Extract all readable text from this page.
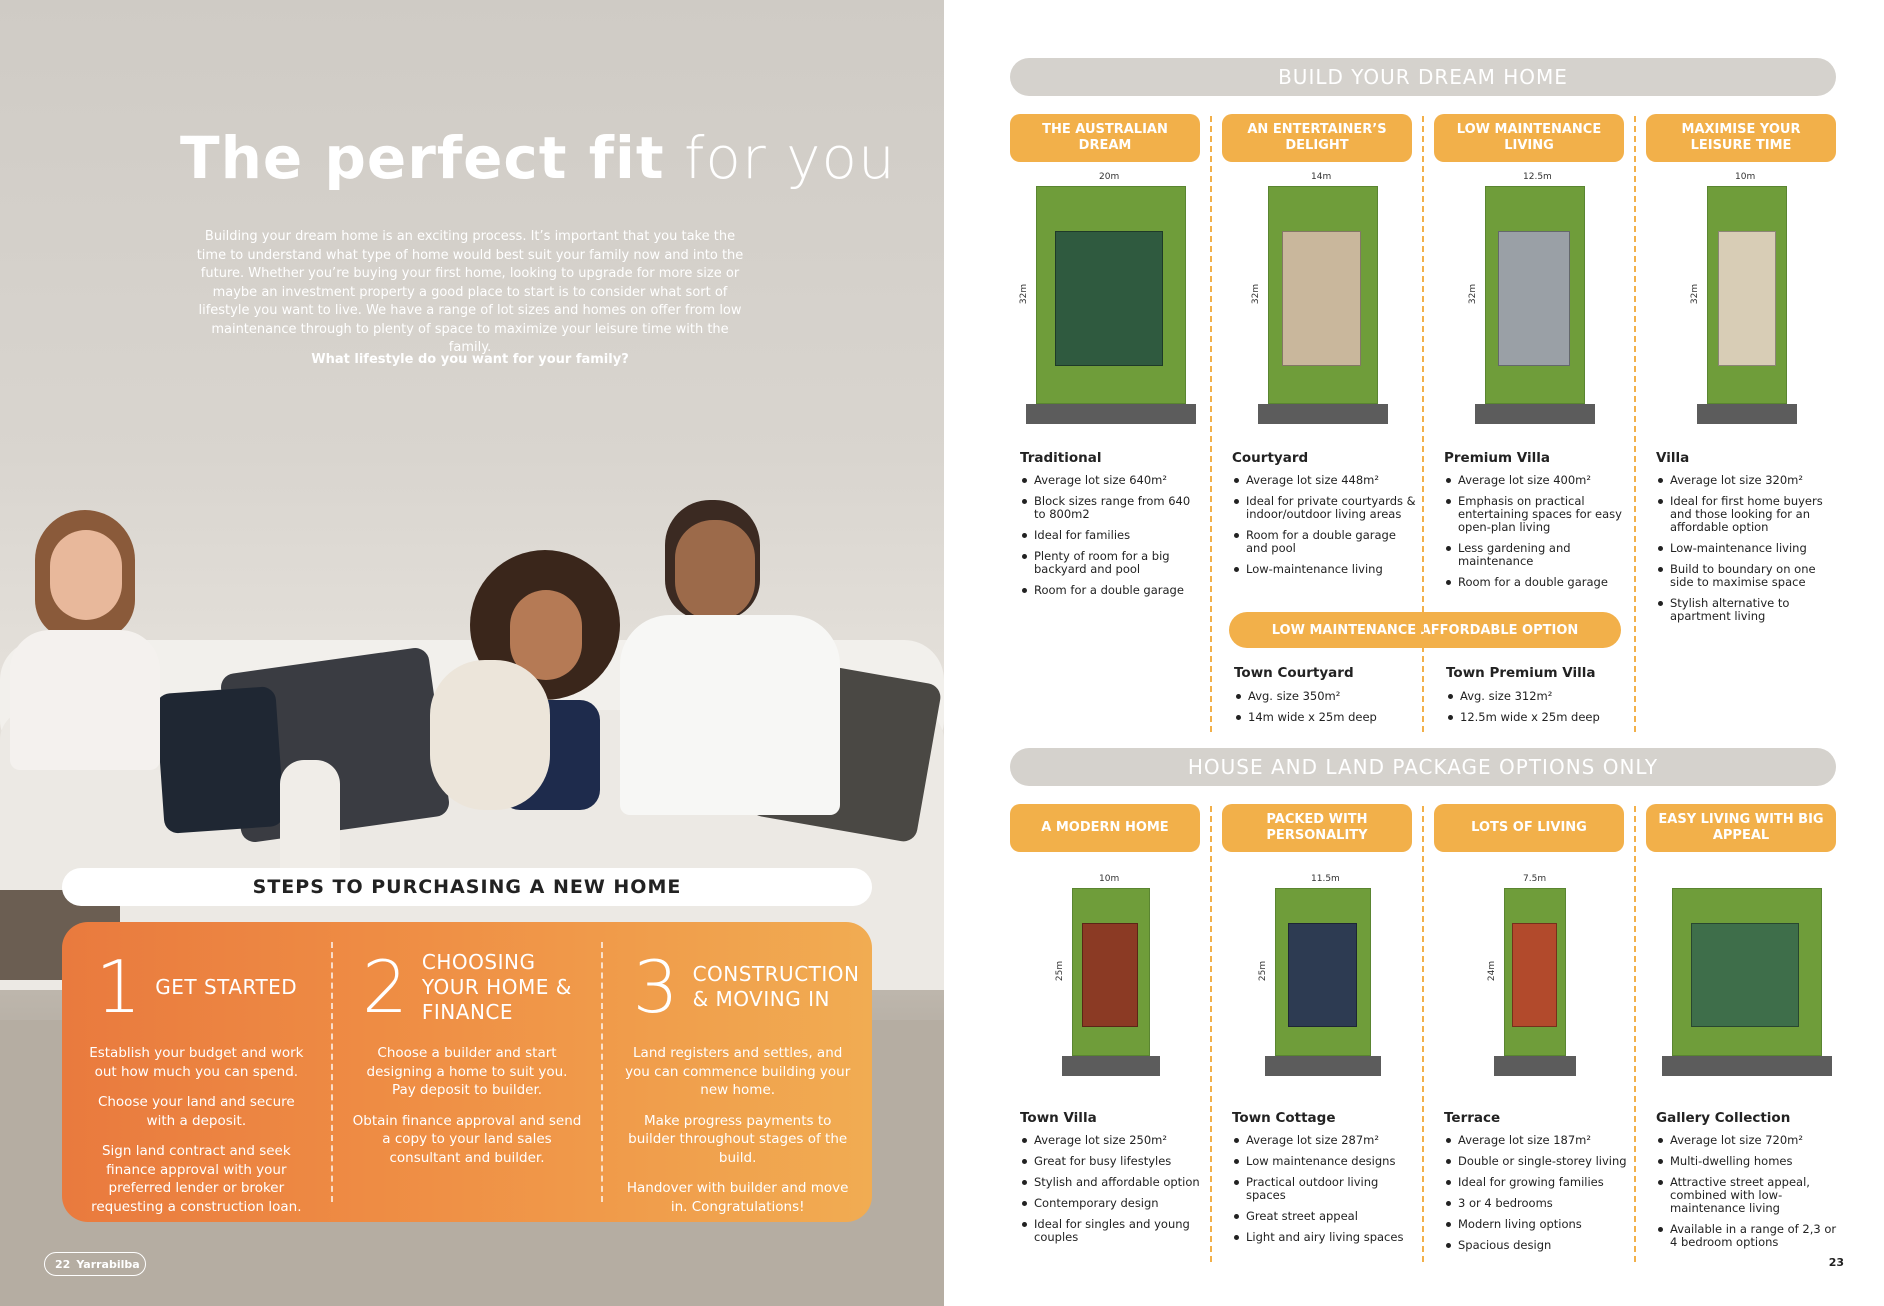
The perfect fit for you
Building your dream home is an exciting process. It’s important that you take the time to understand what type of home would best suit your family now and into the future. Whether you’re buying your first home, looking to upgrade for more size or maybe an investment property a good place to start is to consider what sort of lifestyle you want to live. We have a range of lot sizes and homes on offer from low maintenance through to plenty of space to maximize your leisure time with the family.
What lifestyle do you want for your family?
STEPS TO PURCHASING A NEW HOME
1 GET STARTED

Establish your budget and work out how much you can spend.

Choose your land and secure with a deposit.

Sign land contract and seek finance approval with your preferred lender or broker requesting a construction loan.

2 CHOOSING YOUR HOME & FINANCE

Choose a builder and start designing a home to suit you. Pay deposit to builder.

Obtain finance approval and send a copy to your land sales consultant and builder.

3 CONSTRUCTION & MOVING IN

Land registers and settles, and you can commence building your new home.

Make progress payments to builder throughout stages of the build.

Handover with builder and move in. Congratulations!

22 Yarrabilba
BUILD YOUR DREAM HOME
HOUSE AND LAND PACKAGE OPTIONS ONLY
THE AUSTRALIAN DREAM
20m
32m
Traditional
Average lot size 640m²
Block sizes range from 640 to 800m2
Ideal for families
Plenty of room for a big backyard and pool
Room for a double garage
AN ENTERTAINER’S DELIGHT
14m
32m
Courtyard
Average lot size 448m²
Ideal for private courtyards & indoor/outdoor living areas
Room for a double garage and pool
Low-maintenance living
LOW MAINTENANCE LIVING
12.5m
32m
Premium Villa
Average lot size 400m²
Emphasis on practical entertaining spaces for easy open-plan living
Less gardening and maintenance
Room for a double garage
MAXIMISE YOUR LEISURE TIME
10m
32m
Villa
Average lot size 320m²
Ideal for first home buyers and those looking for an affordable option
Low-maintenance living
Build to boundary on one side to maximise space
Stylish alternative to apartment living
A MODERN HOME
10m
25m
Town Villa
Average lot size 250m²
Great for busy lifestyles
Stylish and affordable option
Contemporary design
Ideal for singles and young couples
PACKED WITH PERSONALITY
11.5m
25m
Town Cottage
Average lot size 287m²
Low maintenance designs
Practical outdoor living spaces
Great street appeal
Light and airy living spaces
LOTS OF LIVING
7.5m
24m
Terrace
Average lot size 187m²
Double or single-storey living
Ideal for growing families
3 or 4 bedrooms
Modern living options
Spacious design
EASY LIVING WITH BIG APPEAL
Gallery Collection
Average lot size 720m²
Multi-dwelling homes
Attractive street appeal, combined with low-maintenance living
Available in a range of 2,3 or 4 bedroom options
LOW MAINTENANCE AFFORDABLE OPTION
Town Courtyard
Avg. size 350m²
14m wide x 25m deep
Town Premium Villa
Avg. size 312m²
12.5m wide x 25m deep
23
